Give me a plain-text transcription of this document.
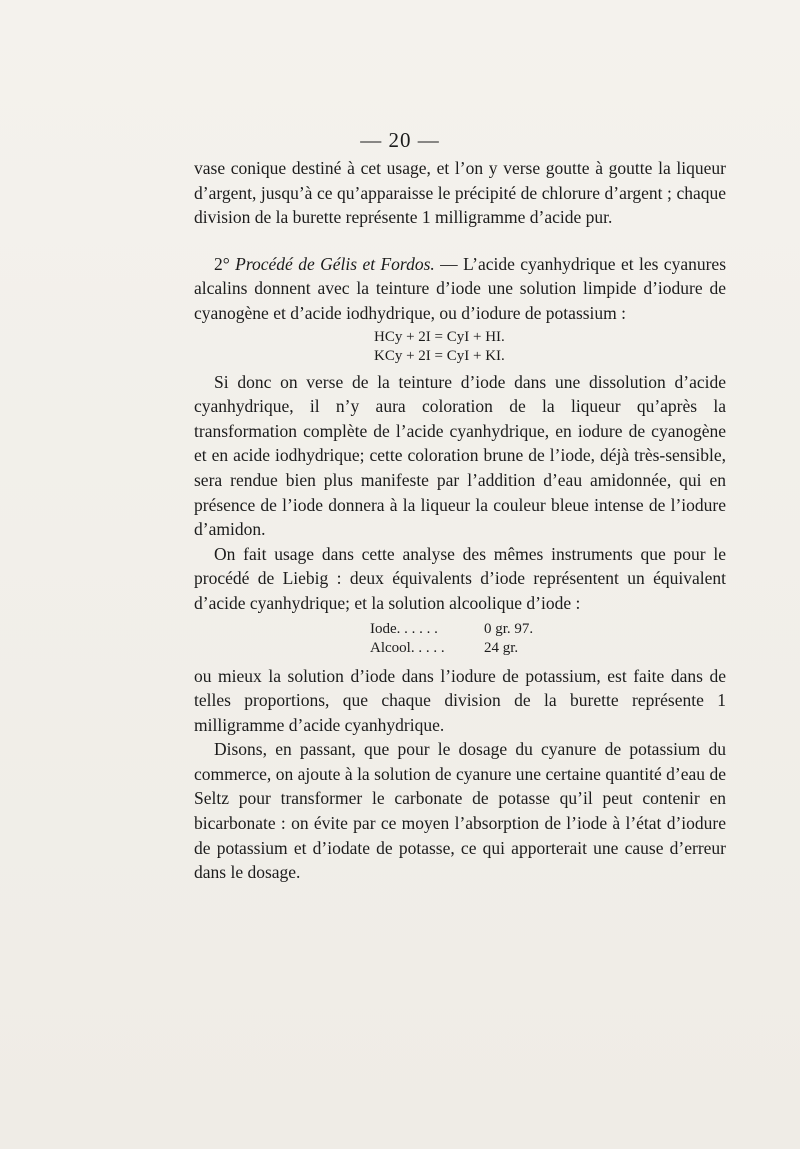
— 20 —

vase conique destiné à cet usage, et l’on y verse goutte à goutte la liqueur d’argent, jusqu’à ce qu’apparaisse le précipité de chlorure d’argent ; chaque division de la burette représente 1 milligramme d’acide pur.

2° Procédé de Gélis et Fordos. — L’acide cyanhydrique et les cyanures alcalins donnent avec la teinture d’iode une solution limpide d’iodure de cyanogène et d’acide iodhydrique, ou d’iodure de potassium :

HCy + 2I = CyI + HI.
KCy + 2I = CyI + KI.

Si donc on verse de la teinture d’iode dans une dissolution d’acide cyanhydrique, il n’y aura coloration de la liqueur qu’après la transformation complète de l’acide cyanhydrique, en iodure de cyanogène et en acide iodhydrique; cette coloration brune de l’iode, déjà très-sensible, sera rendue bien plus manifeste par l’addition d’eau amidonnée, qui en présence de l’iode donnera à la liqueur la couleur bleue intense de l’iodure d’amidon.

On fait usage dans cette analyse des mêmes instruments que pour le procédé de Liebig : deux équivalents d’iode représentent un équivalent d’acide cyanhydrique; et la solution alcoolique d’iode :

Iode. . . . . .	0 gr. 97.
Alcool. . . . .	24 gr.

ou mieux la solution d’iode dans l’iodure de potassium, est faite dans de telles proportions, que chaque division de la burette représente 1 milligramme d’acide cyanhydrique.

Disons, en passant, que pour le dosage du cyanure de potassium du commerce, on ajoute à la solution de cyanure une certaine quantité d’eau de Seltz pour transformer le carbonate de potasse qu’il peut contenir en bicarbonate : on évite par ce moyen l’absorption de l’iode à l’état d’iodure de potassium et d’iodate de potasse, ce qui apporterait une cause d’erreur dans le dosage.
